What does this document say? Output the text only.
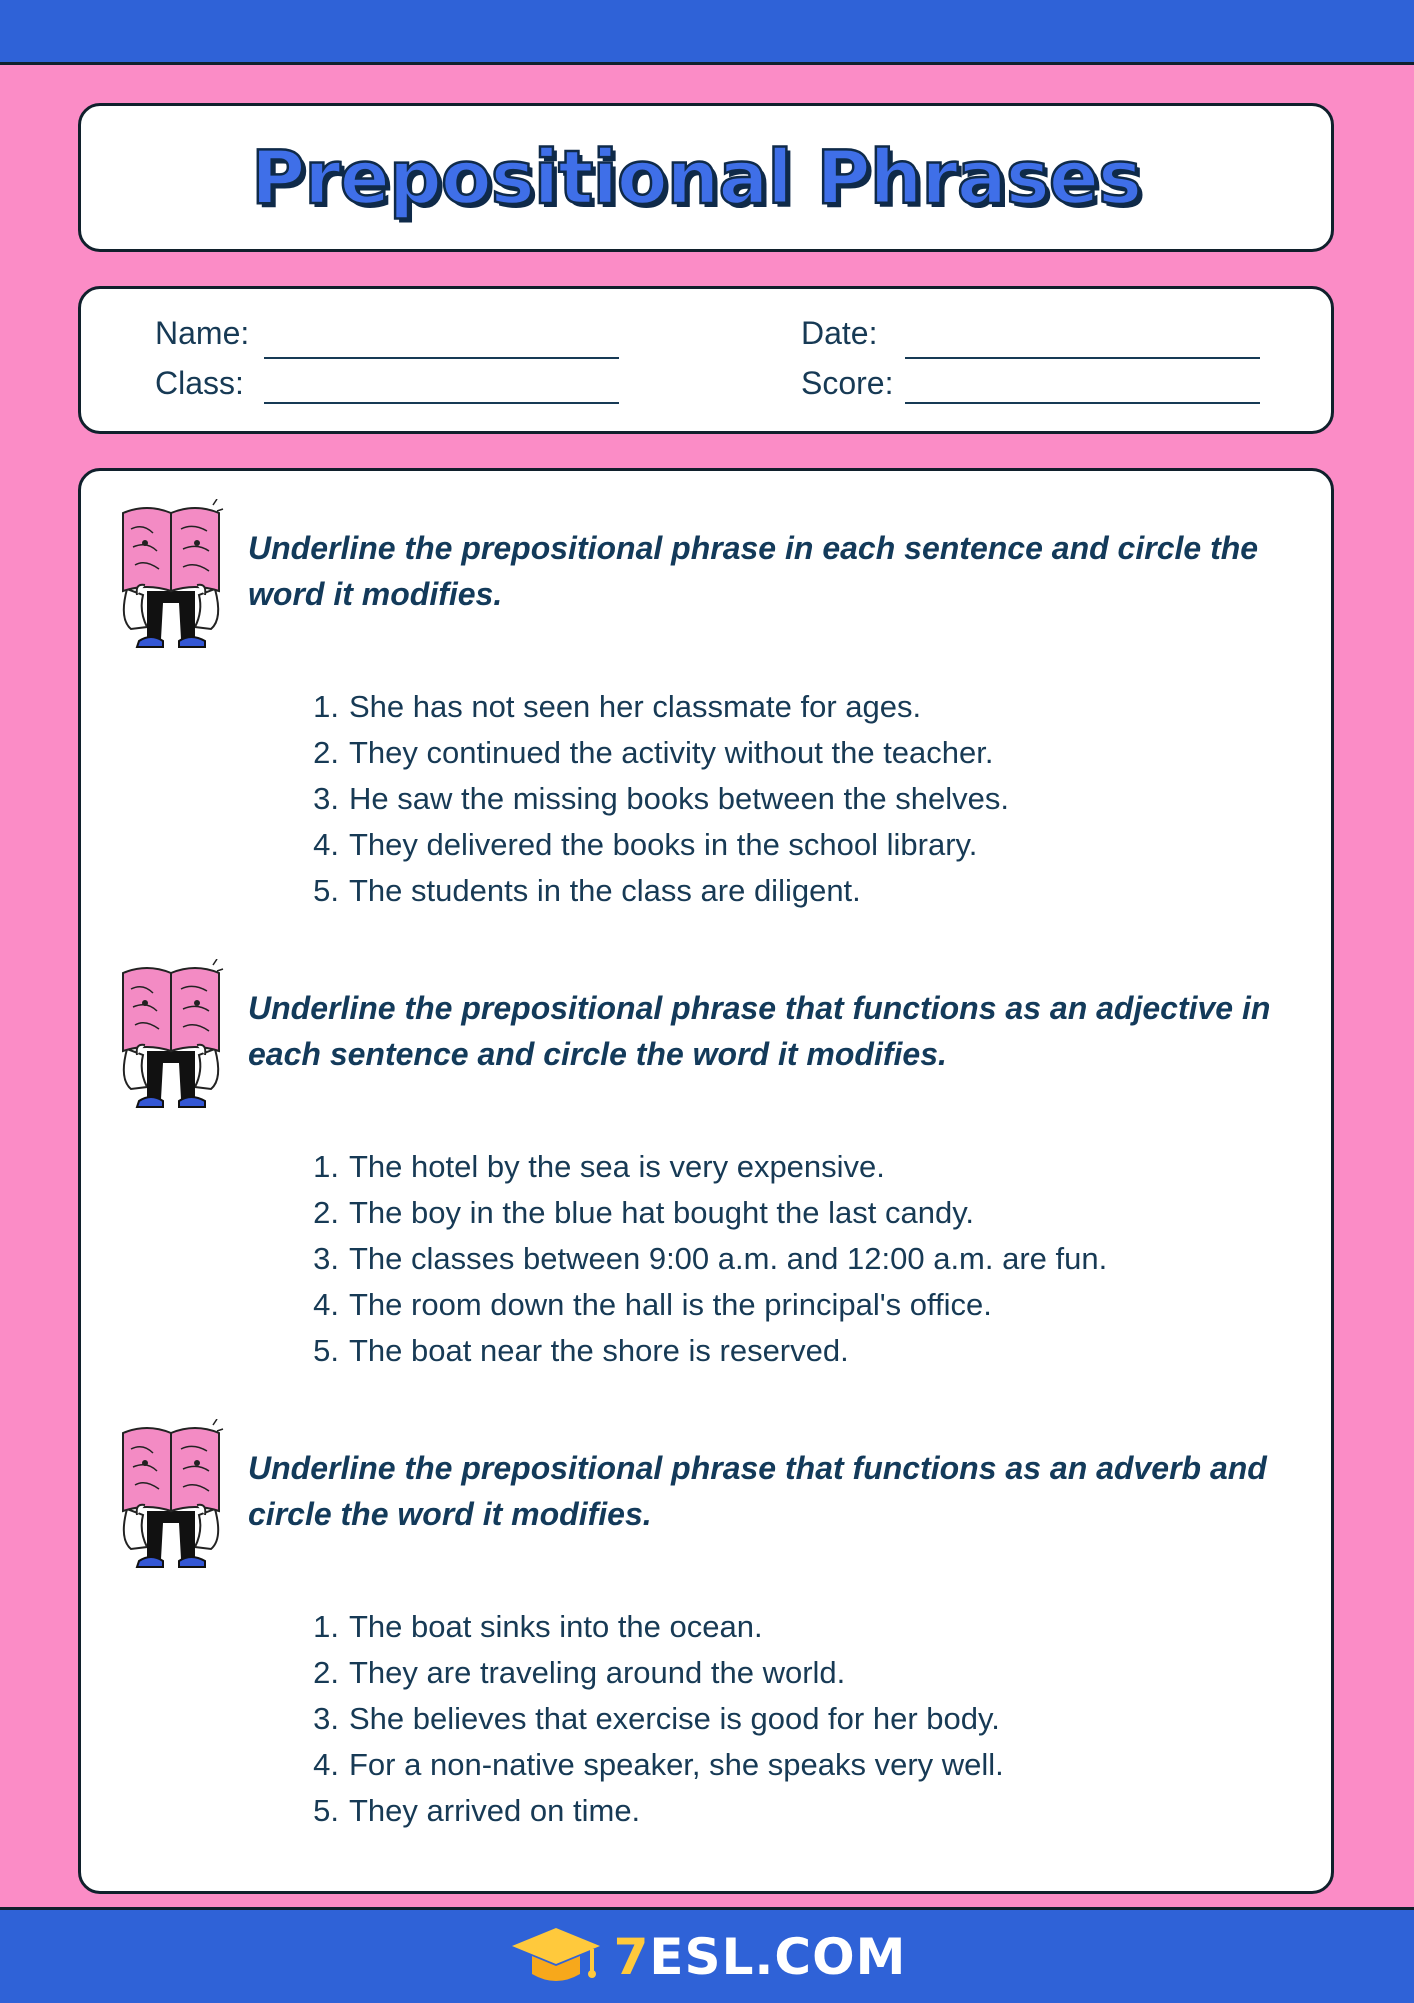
Prepositional Phrases
Name:
Class:
Date:
Score:

Underline the prepositional phrase in each sentence and circle the word it modifies.

1. She has not seen her classmate for ages.
2. They continued the activity without the teacher.
3. He saw the missing books between the shelves.
4. They delivered the books in the school library.
5. The students in the class are diligent.

Underline the prepositional phrase that functions as an adjective in each sentence and circle the word it modifies.

1. The hotel by the sea is very expensive.
2. The boy in the blue hat bought the last candy.
3. The classes between 9:00 a.m. and 12:00 a.m. are fun.
4. The room down the hall is the principal's office.
5. The boat near the shore is reserved.

Underline the prepositional phrase that functions as an adverb and circle the word it modifies.

1. The boat sinks into the ocean.
2. They are traveling around the world.
3. She believes that exercise is good for her body.
4. For a non-native speaker, she speaks very well.
5. They arrived on time.
7ESL.COM
